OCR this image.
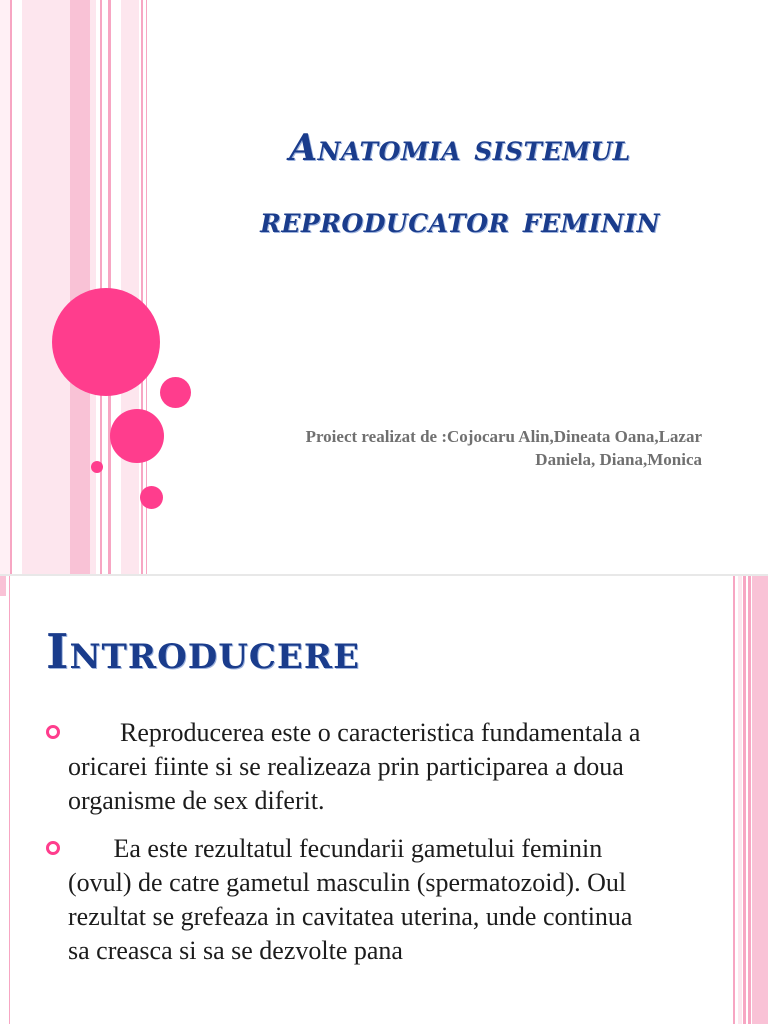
Anatomia sistemul reproducator feminin

Proiect realizat de :Cojocaru Alin,Dineata Oana,Lazar Daniela, Diana,Monica

Introducere
Reproducerea este o caracteristica fundamentala a oricarei fiinte si se realizeaza prin participarea a doua organisme de sex diferit.
Ea este rezultatul fecundarii gametului feminin (ovul) de catre gametul masculin (spermatozoid). Oul rezultat se grefeaza in cavitatea uterina, unde continua sa creasca si sa se dezvolte pana
